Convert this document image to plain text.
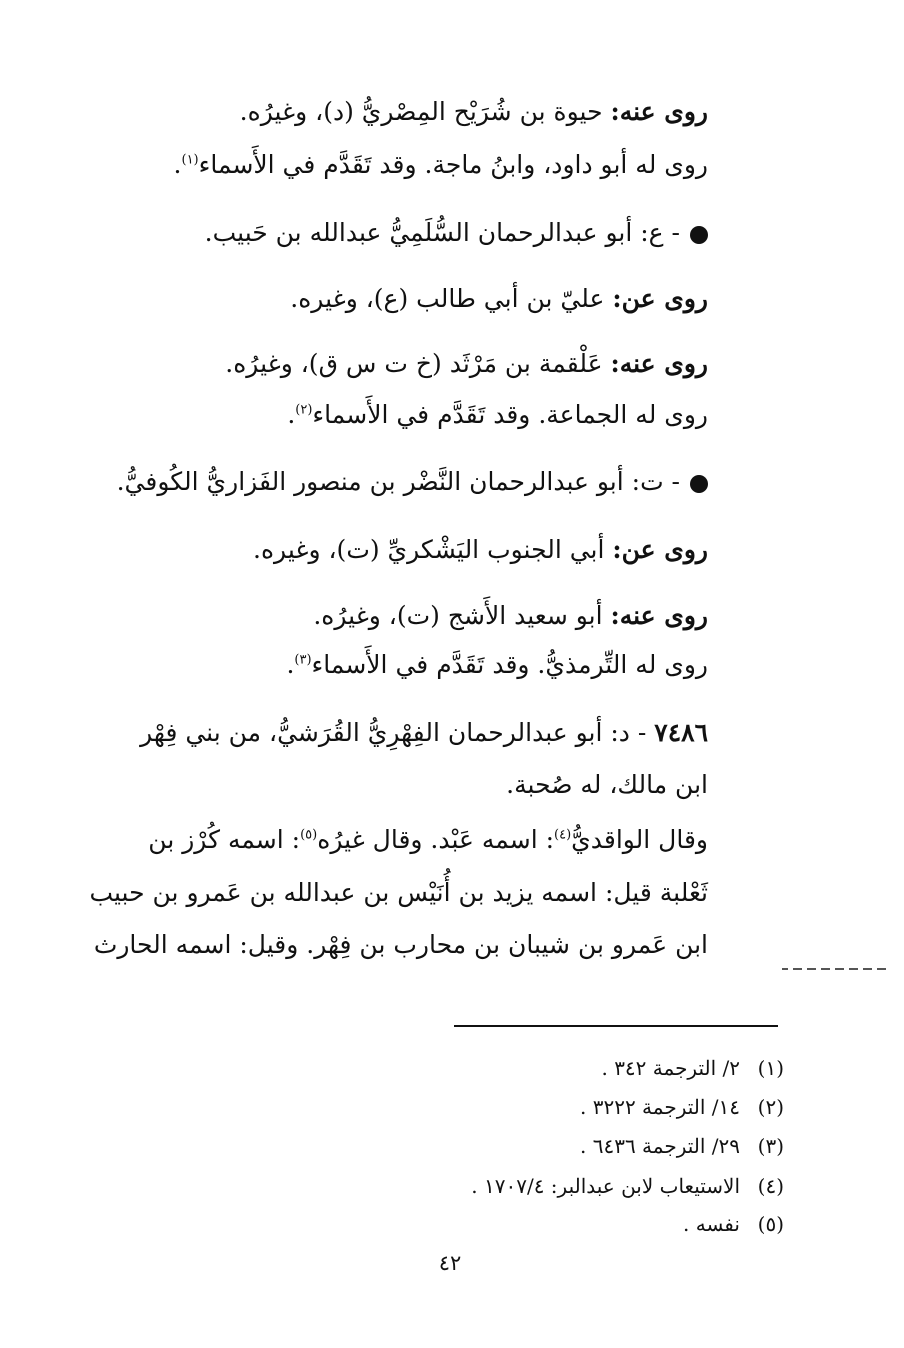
روى عنه: حيوة بن شُرَيْح المِصْريُّ (د)، وغيرُه.
روى له أبو داود، وابنُ ماجة. وقد تَقَدَّم في الأَسماء$^{(١)}$.
- ع: أبو عبدالرحمان السُّلَمِيُّ عبدالله بن حَبيب.
روى عن: عليّ بن أبي طالب (ع)، وغيره.
روى عنه: عَلْقمة بن مَرْثَد (خ ت س ق)، وغيرُه.
روى له الجماعة. وقد تَقَدَّم في الأَسماء$^{(٢)}$.
- ت: أبو عبدالرحمان النَّضْر بن منصور الفَزاريُّ الكُوفيُّ.
روى عن: أبي الجنوب اليَشْكريِّ (ت)، وغيره.
روى عنه: أبو سعيد الأَشج (ت)، وغيرُه.
روى له التِّرمذيُّ. وقد تَقَدَّم في الأَسماء$^{(٣)}$.
٧٤٨٦ - د: أبو عبدالرحمان الفِهْرِيُّ القُرَشيُّ، من بني فِهْر
ابن مالك، له صُحبة.
وقال الواقديُّ$^{(٤)}$: اسمه عَبْد. وقال غيرُه$^{(٥)}$: اسمه كُرْز بن
ثَعْلبة قيل: اسمه يزيد بن أُنَيْس بن عبدالله بن عَمرو بن حبيب
ابن عَمرو بن شيبان بن محارب بن فِهْر. وقيل: اسمه الحارث
(١)٢/ الترجمة ٣٤٢ .
(٢)١٤/ الترجمة ٣٢٢٢ .
(٣)٢٩/ الترجمة ٦٤٣٦ .
(٤)الاستيعاب لابن عبدالبر: ١٧٠٧/٤ .
(٥)نفسه .
٤٢
